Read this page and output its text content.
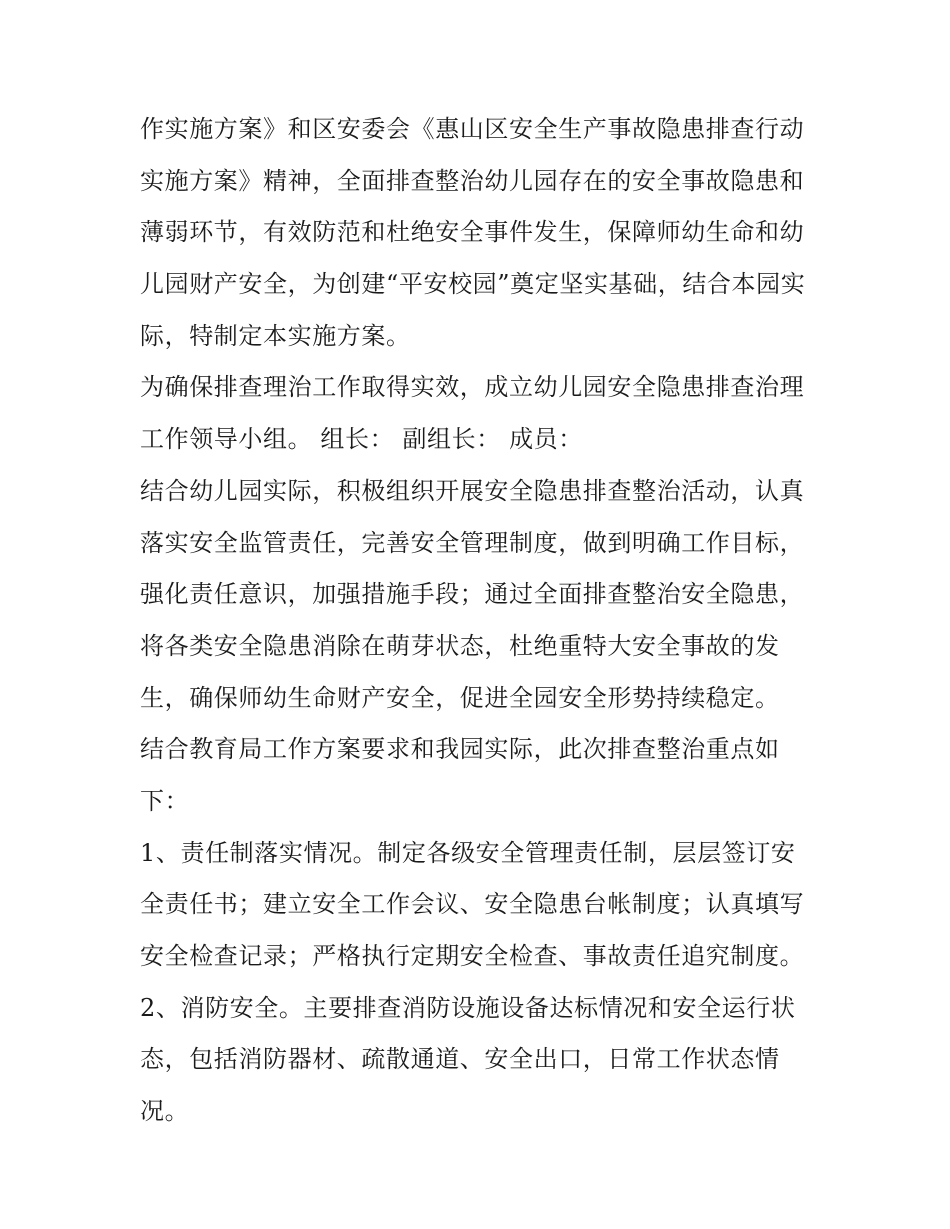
作实施方案》和区安委会《惠山区安全生产事故隐患排查行动
实施方案》精神，全面排查整治幼儿园存在的安全事故隐患和
薄弱环节，有效防范和杜绝安全事件发生，保障师幼生命和幼
儿园财产安全，为创建“平安校园”奠定坚实基础，结合本园实
际，特制定本实施方案。
为确保排查理治工作取得实效，成立幼儿园安全隐患排查治理
工作领导小组。 组长： 副组长： 成员：
结合幼儿园实际，积极组织开展安全隐患排查整治活动，认真
落实安全监管责任，完善安全管理制度，做到明确工作目标，
强化责任意识，加强措施手段；通过全面排查整治安全隐患，
将各类安全隐患消除在萌芽状态，杜绝重特大安全事故的发
生，确保师幼生命财产安全，促进全园安全形势持续稳定。
结合教育局工作方案要求和我园实际，此次排查整治重点如
下：
1、责任制落实情况。制定各级安全管理责任制，层层签订安
全责任书；建立安全工作会议、安全隐患台帐制度；认真填写
安全检查记录；严格执行定期安全检查、事故责任追究制度。
2、消防安全。主要排查消防设施设备达标情况和安全运行状
态，包括消防器材、疏散通道、安全出口，日常工作状态情
况。
